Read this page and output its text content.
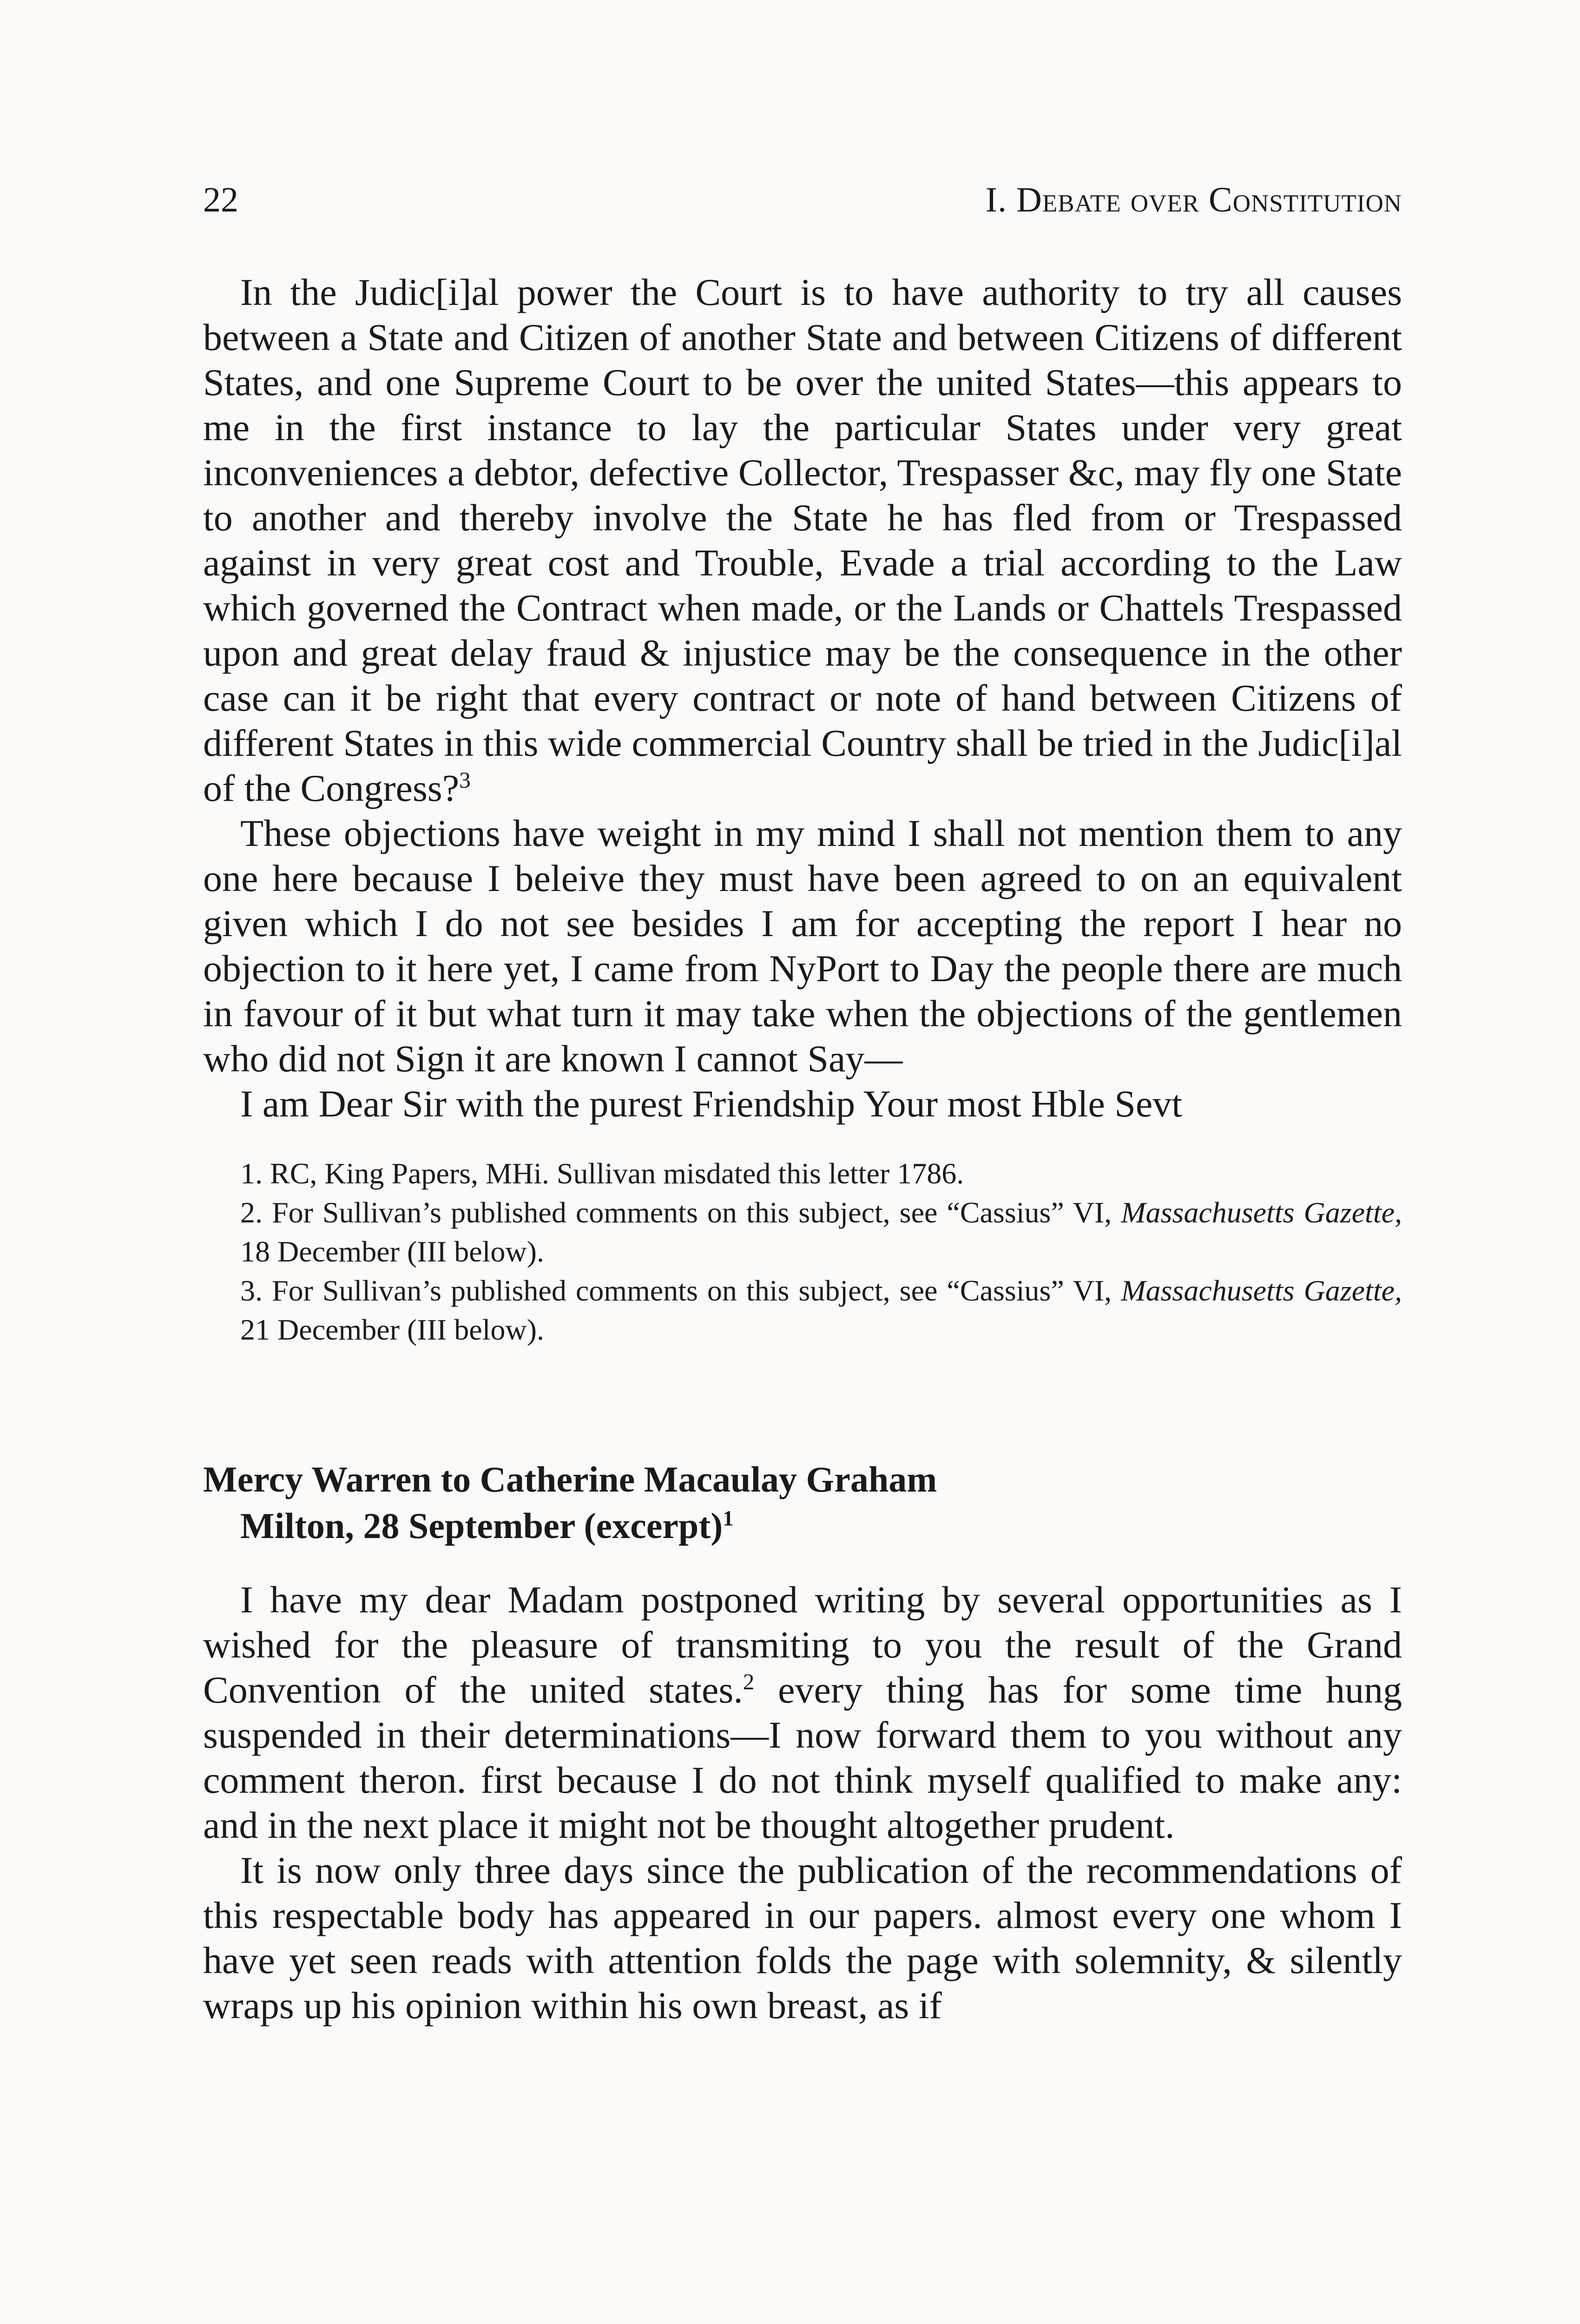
22	I. Debate over Constitution

In the Judic[i]al power the Court is to have authority to try all causes between a State and Citizen of another State and between Citizens of different States, and one Supreme Court to be over the united States—this appears to me in the first instance to lay the particular States under very great inconveniences a debtor, defective Collector, Trespasser &c, may fly one State to another and thereby involve the State he has fled from or Trespassed against in very great cost and Trouble, Evade a trial according to the Law which governed the Contract when made, or the Lands or Chattels Trespassed upon and great delay fraud & injustice may be the consequence in the other case can it be right that every contract or note of hand between Citizens of different States in this wide commercial Country shall be tried in the Judic[i]al of the Congress?$^3$

These objections have weight in my mind I shall not mention them to any one here because I beleive they must have been agreed to on an equivalent given which I do not see besides I am for accepting the report I hear no objection to it here yet, I came from NyPort to Day the people there are much in favour of it but what turn it may take when the objections of the gentlemen who did not Sign it are known I cannot Say—

I am Dear Sir with the purest Friendship Your most Hble Sevt

1. RC, King Papers, MHi. Sullivan misdated this letter 1786.

2. For Sullivan’s published comments on this subject, see “Cassius” VI, Massachusetts Gazette, 18 December (III below).

3. For Sullivan’s published comments on this subject, see “Cassius” VI, Massachusetts Gazette, 21 December (III below).

Mercy Warren to Catherine Macaulay Graham
Milton, 28 September (excerpt)$^1$

I have my dear Madam postponed writing by several opportunities as I wished for the pleasure of transmiting to you the result of the Grand Convention of the united states.$^2$ every thing has for some time hung suspended in their determinations—I now forward them to you without any comment theron. first because I do not think myself qualified to make any: and in the next place it might not be thought altogether prudent.

It is now only three days since the publication of the recommendations of this respectable body has appeared in our papers. almost every one whom I have yet seen reads with attention folds the page with solemnity, & silently wraps up his opinion within his own breast, as if
